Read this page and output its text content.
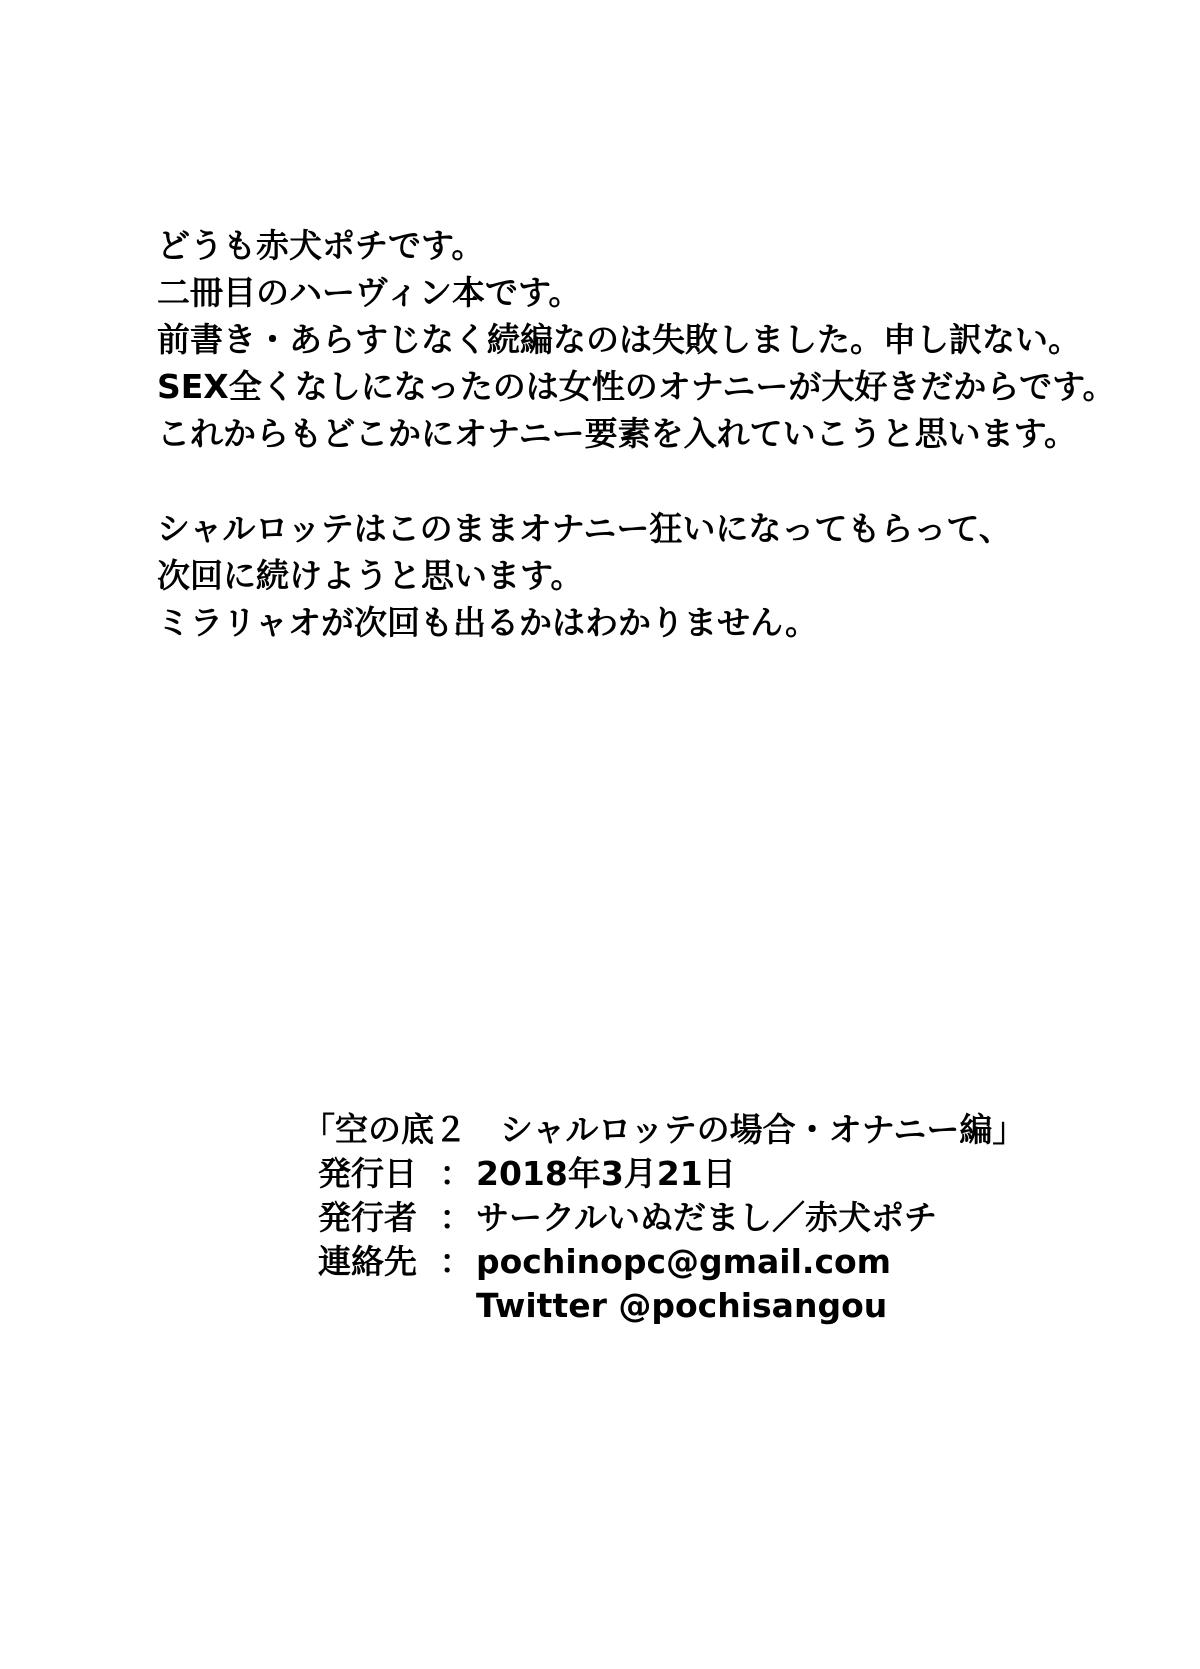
どうも赤犬ポチです。
二冊目のハーヴィン本です。
前書き・あらすじなく続編なのは失敗しました。申し訳ない。
SEX全くなしになったのは女性のオナニーが大好きだからです。
これからもどこかにオナニー要素を入れていこうと思います。
シャルロッテはこのままオナニー狂いになってもらって、
次回に続けようと思います。
ミラリャオが次回も出るかはわかりません。
「空の底２　シャルロッテの場合・オナニー編」
発行日 ： 2018年3月21日
発行者 ： サークルいぬだまし／赤犬ポチ
連絡先 ： pochinopc@gmail.com
Twitter @pochisangou
